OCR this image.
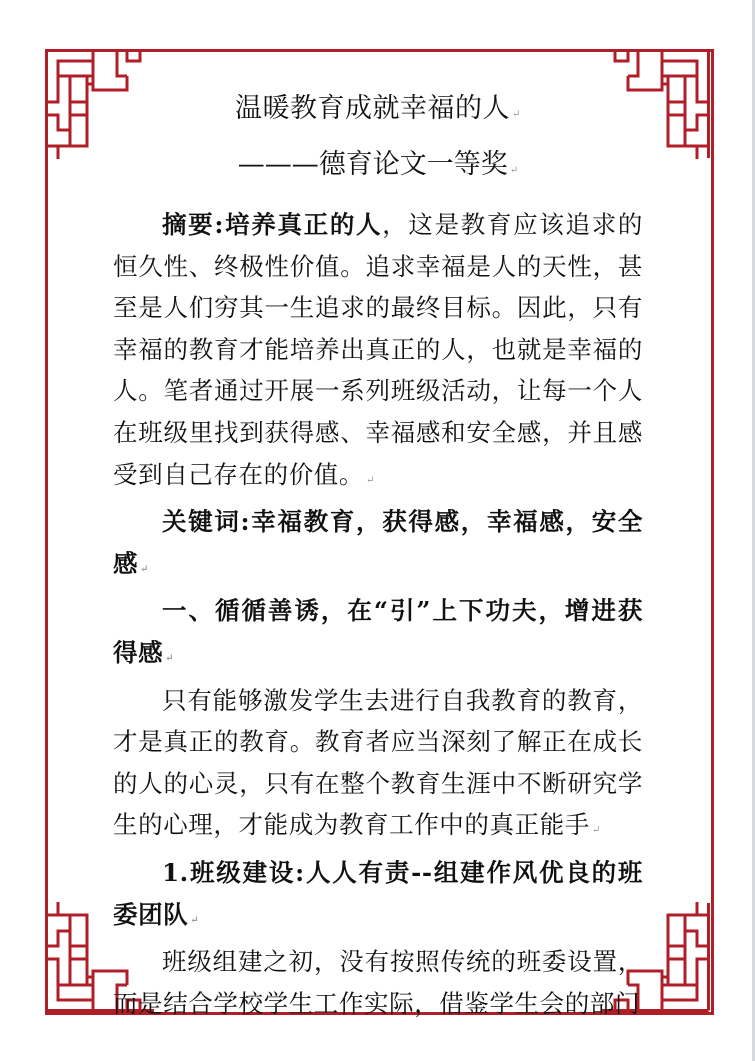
温暖教育成就幸福的人 ↵
———德育论文一等奖 ↵

摘要:培养真正的人，这是教育应该追求的恒久性、终极性价值。追求幸福是人的天性，甚至是人们穷其一生追求的最终目标。因此，只有幸福的教育才能培养出真正的人，也就是幸福的人。笔者通过开展一系列班级活动，让每一个人在班级里找到获得感、幸福感和安全感，并且感受到自己存在的价值。 ↵

关键词:幸福教育，获得感，幸福感，安全感 ↵

一、循循善诱，在“引”上下功夫，增进获得感 ↵

只有能够激发学生去进行自我教育的教育，才是真正的教育。教育者应当深刻了解正在成长的人的心灵，只有在整个教育生涯中不断研究学生的心理，才能成为教育工作中的真正能手 ↵

1.班级建设:人人有责--组建作风优良的班委团队 ↵

班级组建之初，没有按照传统的班委设置，而是结合学校学生工作实际，借鉴学生会的部门
